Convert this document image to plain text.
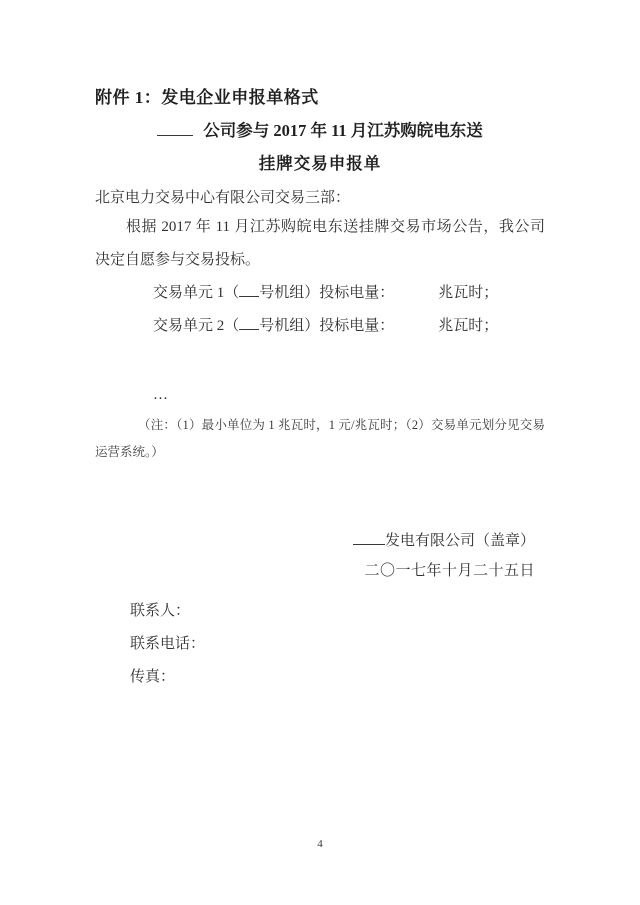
附件 1：发电企业申报单格式
公司参与 2017 年 11 月江苏购皖电东送
挂牌交易申报单
北京电力交易中心有限公司交易三部：

根据 2017 年 11 月江苏购皖电东送挂牌交易市场公告，我公司决定自愿参与交易投标。

交易单元 1（ 号机组）投标电量：	兆瓦时；
交易单元 2（ 号机组）投标电量：	兆瓦时；
…

（注：（1）最小单位为 1 兆瓦时，1 元/兆瓦时；（2）交易单元划分见交易运营系统。）

发电有限公司（盖章）
二〇一七年十月二十五日
联系人：
联系电话：
传真：
4
